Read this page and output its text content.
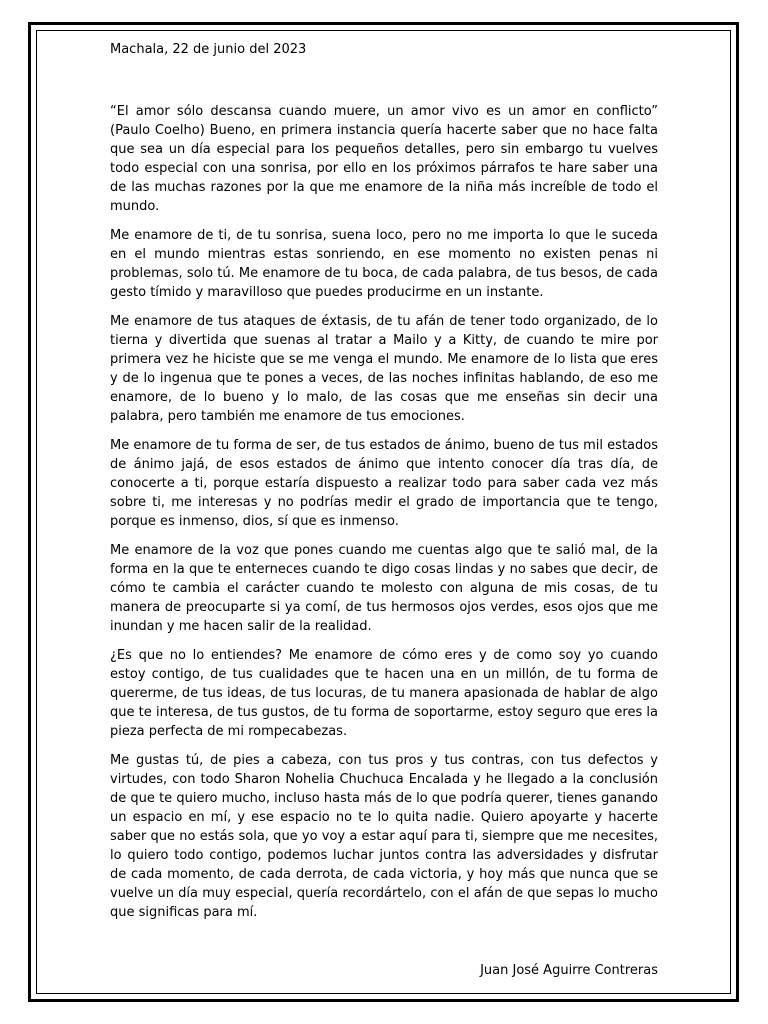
Machala, 22 de junio del 2023

“El amor sólo descansa cuando muere, un amor vivo es un amor en conflicto” (Paulo Coelho) Bueno, en primera instancia quería hacerte saber que no hace falta que sea un día especial para los pequeños detalles, pero sin embargo tu vuelves todo especial con una sonrisa, por ello en los próximos párrafos te hare saber una de las muchas razones por la que me enamore de la niña más increíble de todo el mundo.

Me enamore de ti, de tu sonrisa, suena loco, pero no me importa lo que le suceda en el mundo mientras estas sonriendo, en ese momento no existen penas ni problemas, solo tú. Me enamore de tu boca, de cada palabra, de tus besos, de cada gesto tímido y maravilloso que puedes producirme en un instante.

Me enamore de tus ataques de éxtasis, de tu afán de tener todo organizado, de lo tierna y divertida que suenas al tratar a Mailo y a Kitty, de cuando te mire por primera vez he hiciste que se me venga el mundo. Me enamore de lo lista que eres y de lo ingenua que te pones a veces, de las noches infinitas hablando, de eso me enamore, de lo bueno y lo malo, de las cosas que me enseñas sin decir una palabra, pero también me enamore de tus emociones.

Me enamore de tu forma de ser, de tus estados de ánimo, bueno de tus mil estados de ánimo jajá, de esos estados de ánimo que intento conocer día tras día, de conocerte a ti, porque estaría dispuesto a realizar todo para saber cada vez más sobre ti, me interesas y no podrías medir el grado de importancia que te tengo, porque es inmenso, dios, sí que es inmenso.

Me enamore de la voz que pones cuando me cuentas algo que te salió mal, de la forma en la que te enterneces cuando te digo cosas lindas y no sabes que decir, de cómo te cambia el carácter cuando te molesto con alguna de mis cosas, de tu manera de preocuparte si ya comí, de tus hermosos ojos verdes, esos ojos que me inundan y me hacen salir de la realidad.

¿Es que no lo entiendes? Me enamore de cómo eres y de como soy yo cuando estoy contigo, de tus cualidades que te hacen una en un millón, de tu forma de quererme, de tus ideas, de tus locuras, de tu manera apasionada de hablar de algo que te interesa, de tus gustos, de tu forma de soportarme, estoy seguro que eres la pieza perfecta de mi rompecabezas.

Me gustas tú, de pies a cabeza, con tus pros y tus contras, con tus defectos y virtudes, con todo Sharon Nohelia Chuchuca Encalada y he llegado a la conclusión de que te quiero mucho, incluso hasta más de lo que podría querer, tienes ganando un espacio en mí, y ese espacio no te lo quita nadie. Quiero apoyarte y hacerte saber que no estás sola, que yo voy a estar aquí para ti, siempre que me necesites, lo quiero todo contigo, podemos luchar juntos contra las adversidades y disfrutar de cada momento, de cada derrota, de cada victoria, y hoy más que nunca que se vuelve un día muy especial, quería recordártelo, con el afán de que sepas lo mucho que significas para mí.

Juan José Aguirre Contreras
